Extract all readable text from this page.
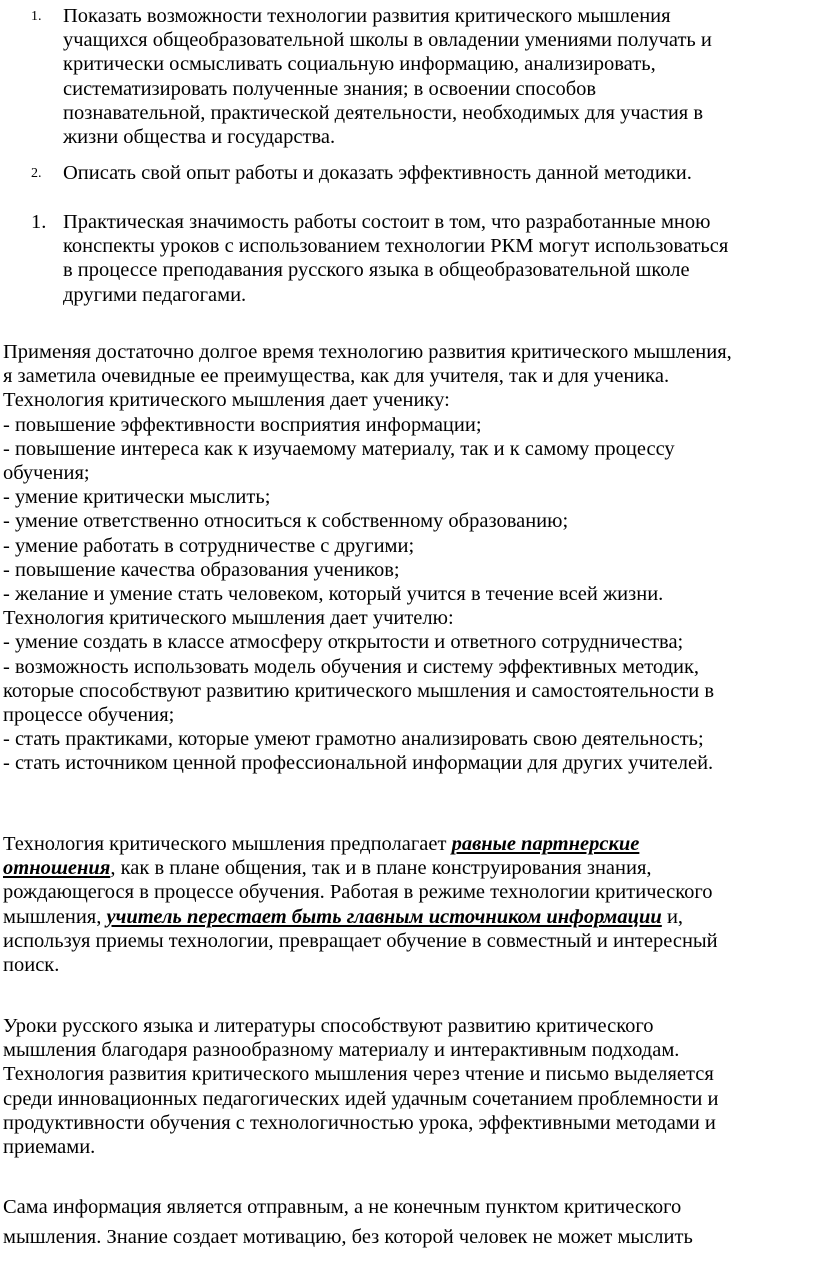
1. Показать возможности технологии развития критического мышления
учащихся общеобразовательной школы в овладении умениями получать и
критически осмысливать социальную информацию, анализировать,
систематизировать полученные знания; в освоении способов
познавательной, практической деятельности, необходимых для участия в
жизни общества и государства.
2. Описать свой опыт работы и доказать эффективность данной методики.
1. Практическая значимость работы состоит в том, что разработанные мною
конспекты уроков с использованием технологии РКМ могут использоваться
в процессе преподавания русского языка в общеобразовательной школе
другими педагогами.
Применяя достаточно долгое время технологию развития критического мышления,
я заметила очевидные ее преимущества, как для учителя, так и для ученика.
Технология критического мышления дает ученику:
- повышение эффективности восприятия информации;
- повышение интереса как к изучаемому материалу, так и к самому процессу
обучения;
- умение критически мыслить;
- умение ответственно относиться к собственному образованию;
- умение работать в сотрудничестве с другими;
- повышение качества образования учеников;
- желание и умение стать человеком, который учится в течение всей жизни.
Технология критического мышления дает учителю:
- умение создать в классе атмосферу открытости и ответного сотрудничества;
- возможность использовать модель обучения и систему эффективных методик,
которые способствуют развитию критического мышления и самостоятельности в
процессе обучения;
- стать практиками, которые умеют грамотно анализировать свою деятельность;
- стать источником ценной профессиональной информации для других учителей.
Технология критического мышления предполагает равные партнерские
отношения, как в плане общения, так и в плане конструирования знания,
рождающегося в процессе обучения. Работая в режиме технологии критического
мышления, учитель перестает быть главным источником информации и,
используя приемы технологии, превращает обучение в совместный и интересный
поиск.
Уроки русского языка и литературы способствуют развитию критического
мышления благодаря разнообразному материалу и интерактивным подходам.
Технология развития критического мышления через чтение и письмо выделяется
среди инновационных педагогических идей удачным сочетанием проблемности и
продуктивности обучения с технологичностью урока, эффективными методами и
приемами.
Сама информация является отправным, а не конечным пунктом критического
мышления. Знание создает мотивацию, без которой человек не может мыслить
